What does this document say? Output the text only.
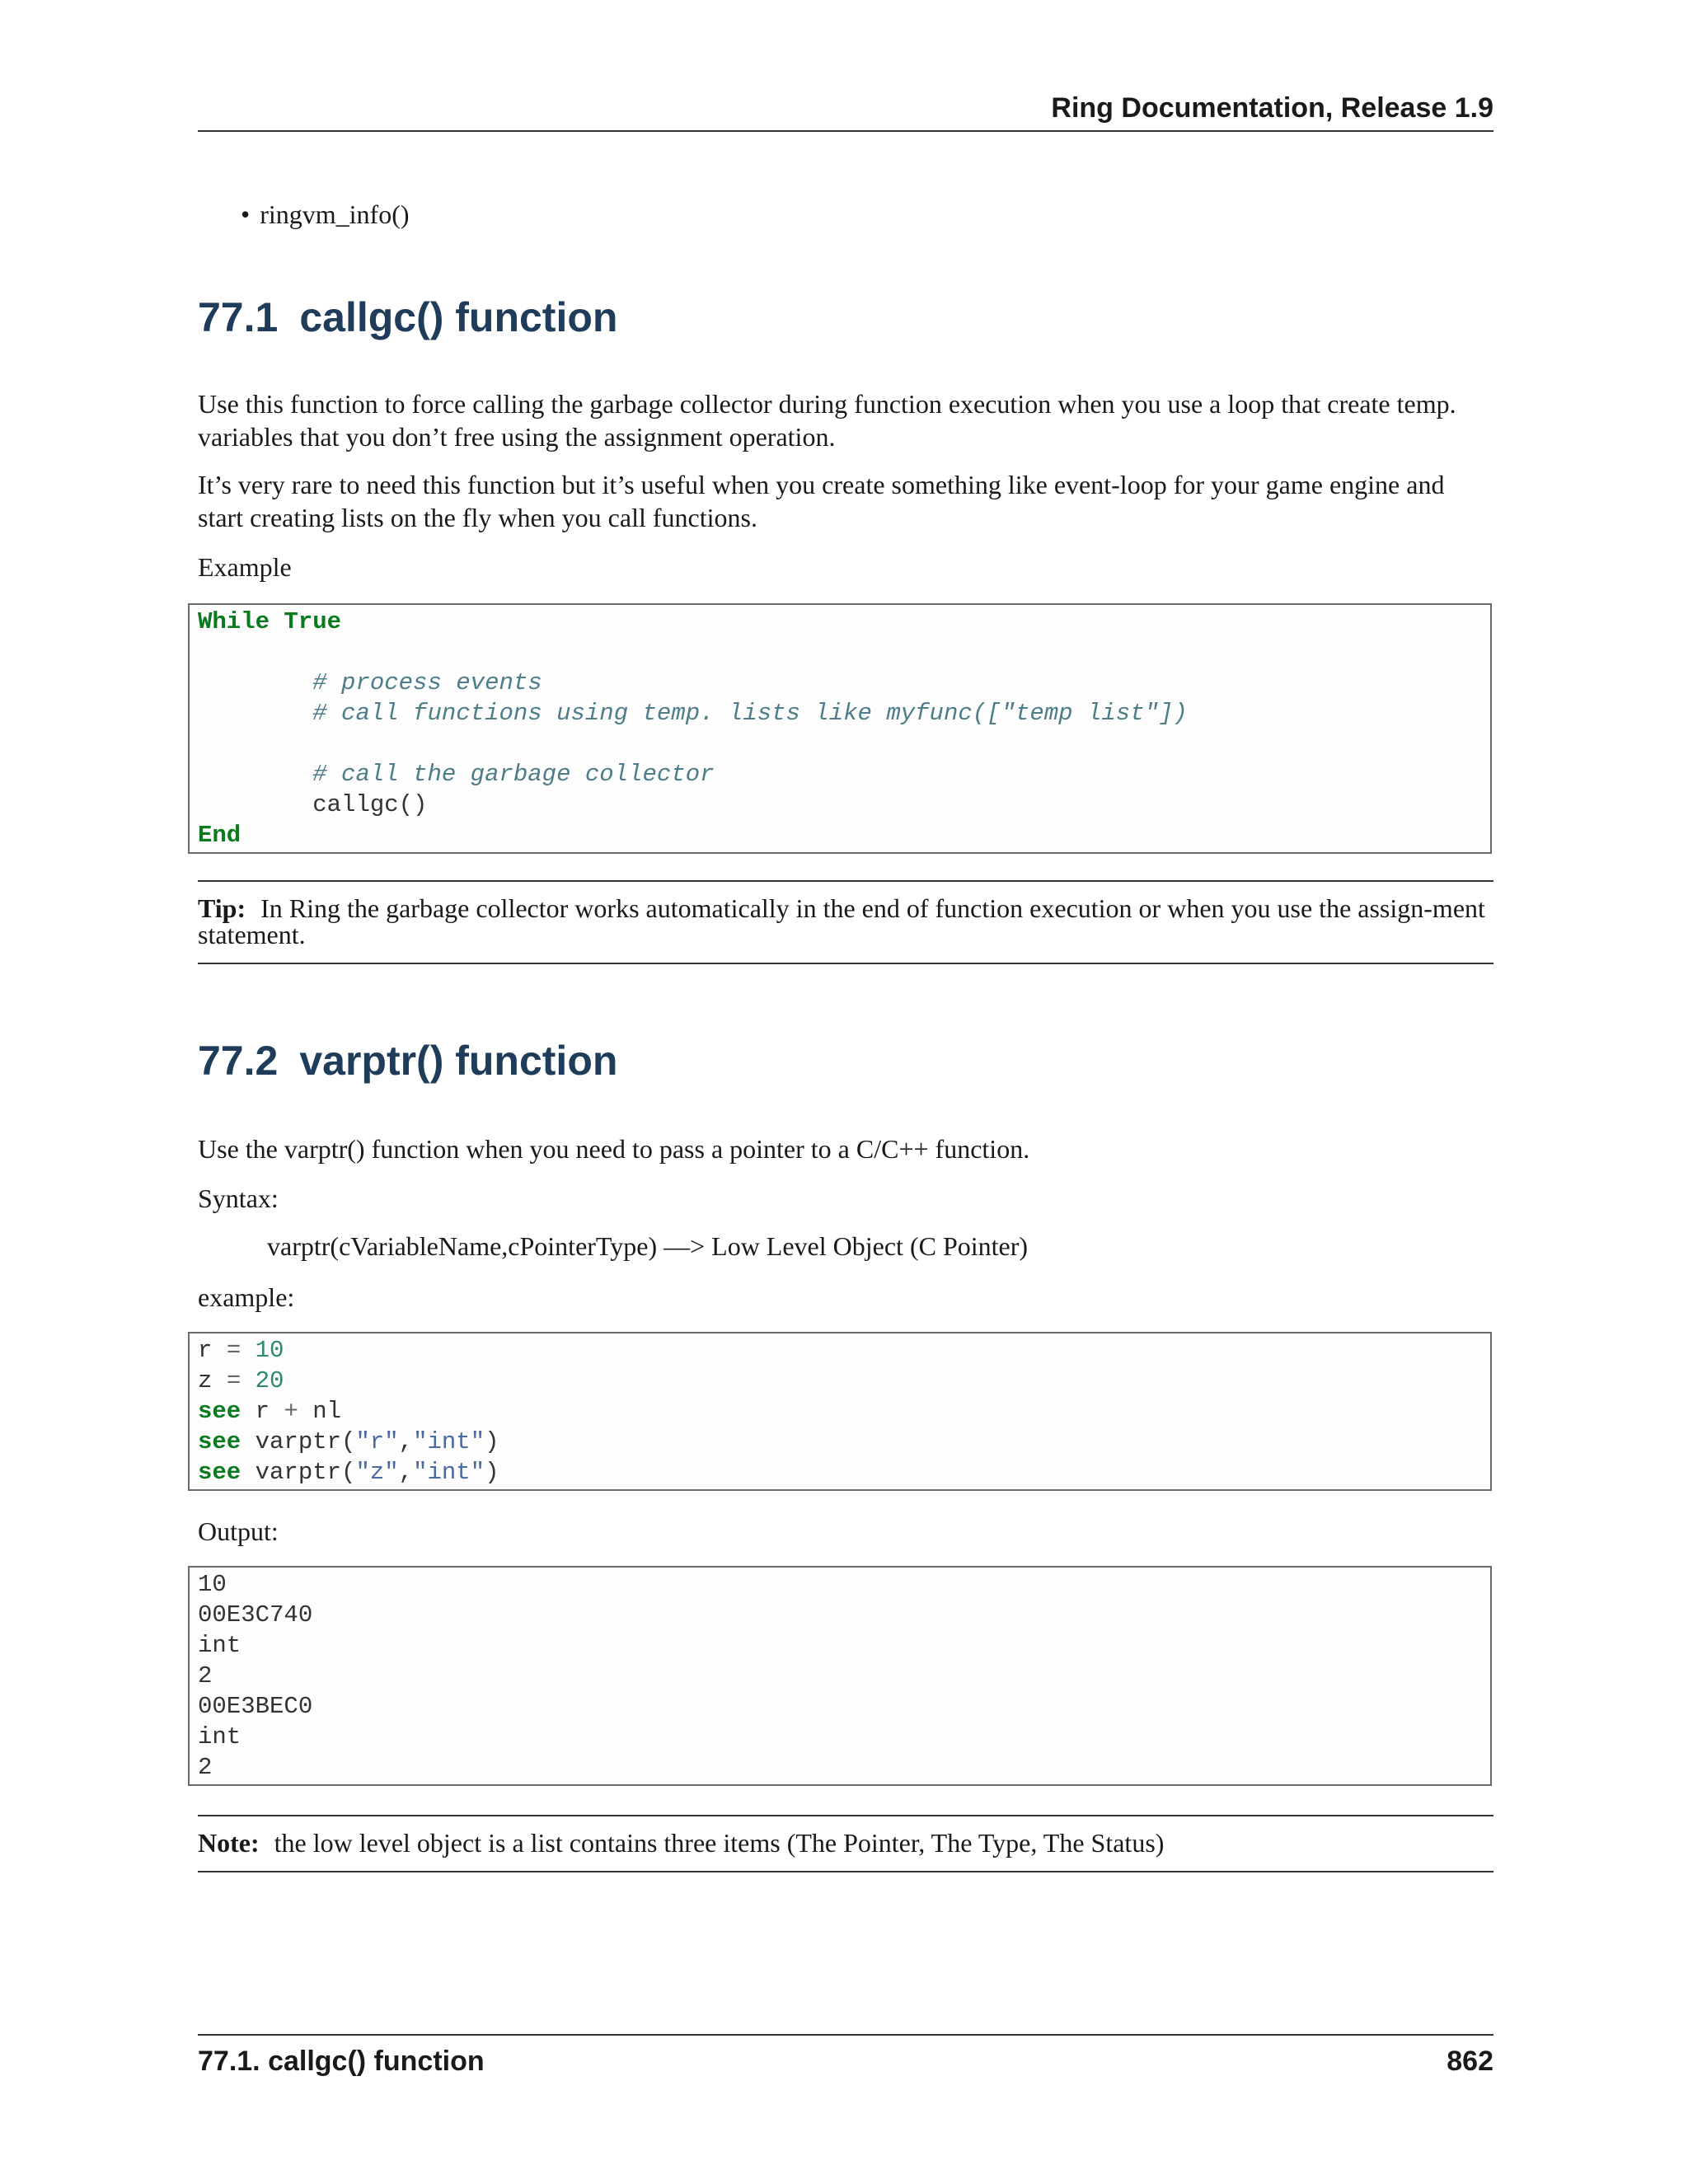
Ring Documentation, Release 1.9
• ringvm_info()
77.1 callgc() function

Use this function to force calling the garbage collector during function execution when you use a loop that create temp. variables that you don’t free using the assignment operation.

It’s very rare to need this function but it’s useful when you create something like event-loop for your game engine and start creating lists on the fly when you call functions.

Example

While True
# process events
# call functions using temp. lists like myfunc(["temp list"])
# call the garbage collector
callgc()
End
Tip: In Ring the garbage collector works automatically in the end of function execution or when you use the assign-ment statement.
77.2 varptr() function

Use the varptr() function when you need to pass a pointer to a C/C++ function.

Syntax:

varptr(cVariableName,cPointerType) —> Low Level Object (C Pointer)

example:

r = 10
z = 20
see r + nl
see varptr("r","int")
see varptr("z","int")

Output:

10
00E3C740
int
2
00E3BEC0
int
2
Note: the low level object is a list contains three items (The Pointer, The Type, The Status)
77.1. callgc() function	862
